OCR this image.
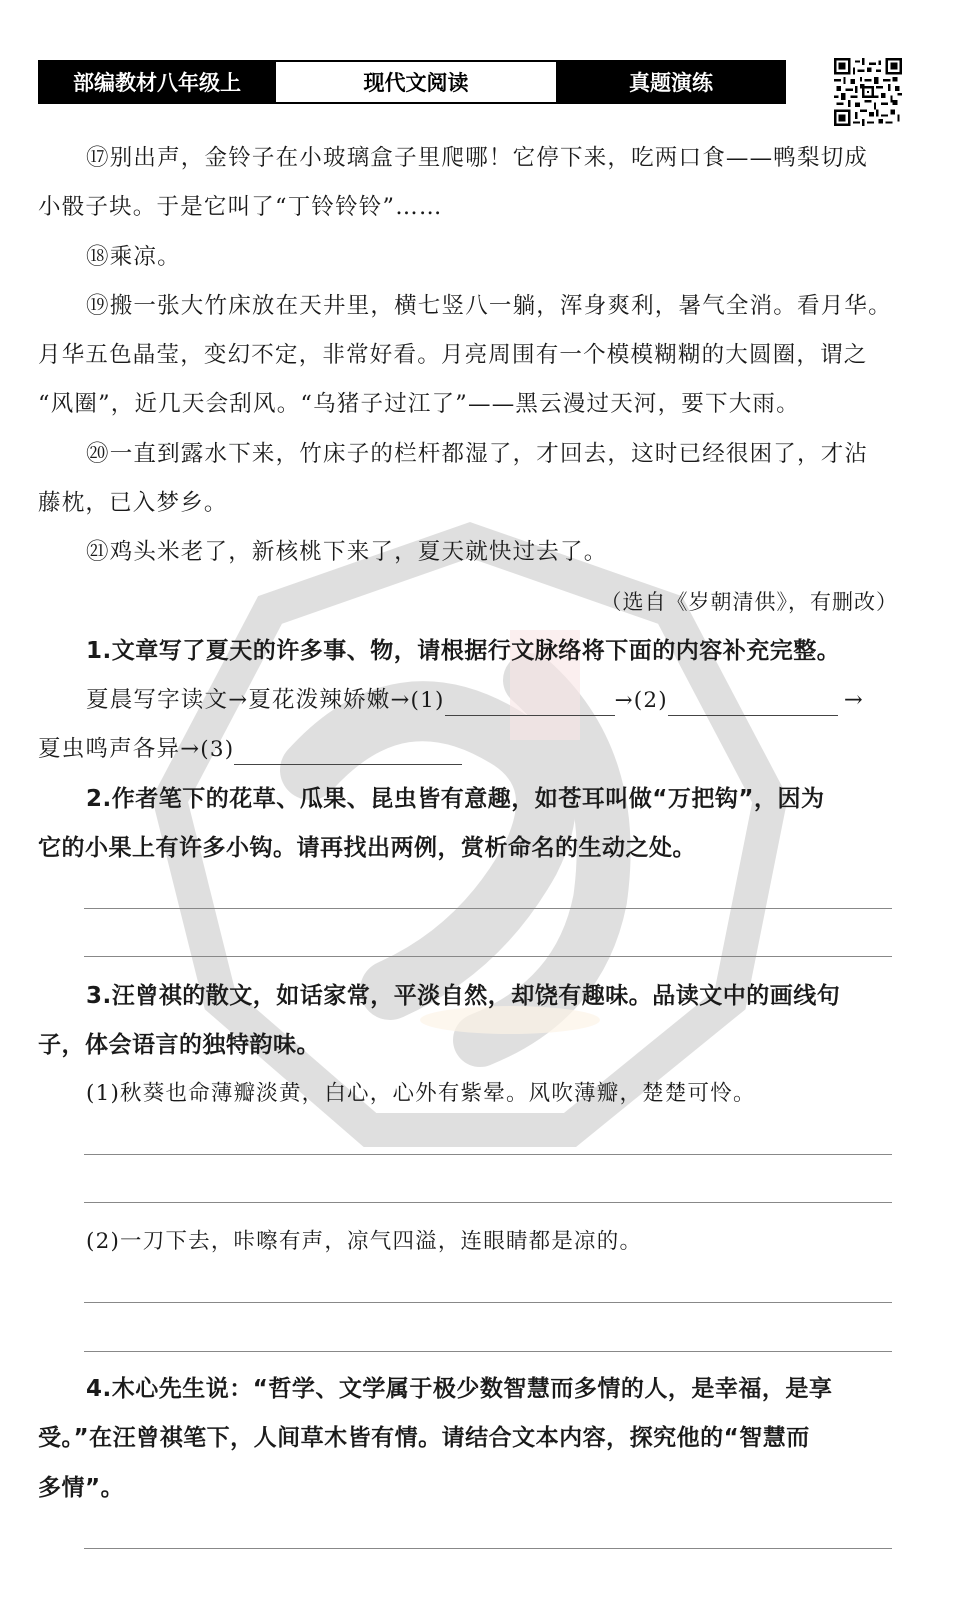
部编教材八年级上	现代文阅读	真题演练
⑰别出声，金铃子在小玻璃盒子里爬哪！它停下来，吃两口食——鸭梨切成
小骰子块。于是它叫了“丁铃铃铃”……
⑱乘凉。
⑲搬一张大竹床放在天井里，横七竖八一躺，浑身爽利，暑气全消。看月华。
月华五色晶莹，变幻不定，非常好看。月亮周围有一个模模糊糊的大圆圈，谓之
“风圈”，近几天会刮风。“乌猪子过江了”——黑云漫过天河，要下大雨。
⑳一直到露水下来，竹床子的栏杆都湿了，才回去，这时已经很困了，才沾
藤枕，已入梦乡。
㉑鸡头米老了，新核桃下来了，夏天就快过去了。
（选自《岁朝清供》，有删改）
1.文章写了夏天的许多事、物，请根据行文脉络将下面的内容补充完整。
夏晨写字读文→夏花泼辣娇嫩→(1)	→(2)	→
夏虫鸣声各异→(3)
2.作者笔下的花草、瓜果、昆虫皆有意趣，如苍耳叫做“万把钩”，因为
它的小果上有许多小钩。请再找出两例，赏析命名的生动之处。
3.汪曾祺的散文，如话家常，平淡自然，却饶有趣味。品读文中的画线句
子，体会语言的独特韵味。
(1)秋葵也命薄瓣淡黄，白心，心外有紫晕。风吹薄瓣，楚楚可怜。
(2)一刀下去，咔嚓有声，凉气四溢，连眼睛都是凉的。
4.木心先生说：“哲学、文学属于极少数智慧而多情的人，是幸福，是享
受。”在汪曾祺笔下，人间草木皆有情。请结合文本内容，探究他的“智慧而
多情”。
